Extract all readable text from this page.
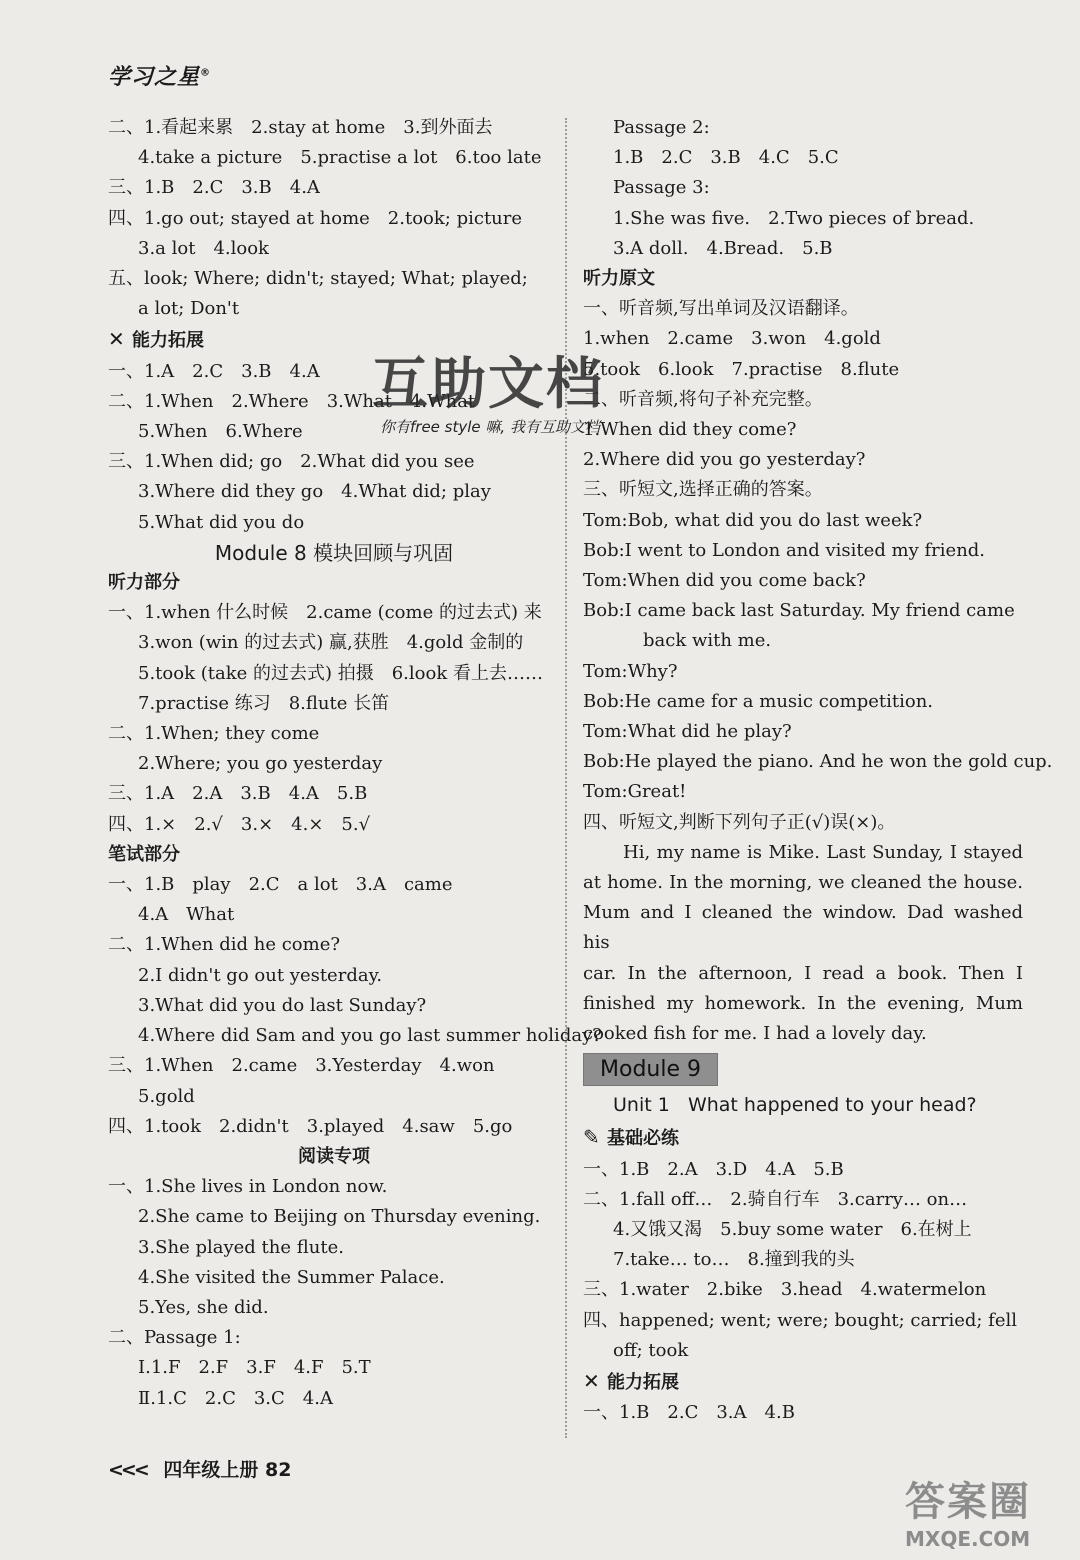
学习之星®
二、1.看起来累　2.stay at home　3.到外面去
4.take a picture　5.practise a lot　6.too late
三、1.B　2.C　3.B　4.A
四、1.go out; stayed at home　2.took; picture
3.a lot　4.look
五、look; Where; didn't; stayed; What; played;
a lot; Don't
✕ 能力拓展
一、1.A　2.C　3.B　4.A
二、1.When　2.Where　3.What　4.What
5.When　6.Where
三、1.When did; go　2.What did you see
3.Where did they go　4.What did; play
5.What did you do
Module 8 模块回顾与巩固
听力部分
一、1.when 什么时候　2.came (come 的过去式) 来
3.won (win 的过去式) 赢,获胜　4.gold 金制的
5.took (take 的过去式) 拍摄　6.look 看上去……
7.practise 练习　8.flute 长笛
二、1.When; they come
2.Where; you go yesterday
三、1.A　2.A　3.B　4.A　5.B
四、1.×　2.√　3.×　4.×　5.√
笔试部分
一、1.B　play　2.C　a lot　3.A　came
4.A　What
二、1.When did he come?
2.I didn't go out yesterday.
3.What did you do last Sunday?
4.Where did Sam and you go last summer holiday?
三、1.When　2.came　3.Yesterday　4.won
5.gold
四、1.took　2.didn't　3.played　4.saw　5.go
阅读专项
一、1.She lives in London now.
2.She came to Beijing on Thursday evening.
3.She played the flute.
4.She visited the Summer Palace.
5.Yes, she did.
二、Passage 1:
Ⅰ.1.F　2.F　3.F　4.F　5.T
Ⅱ.1.C　2.C　3.C　4.A
Passage 2:
1.B　2.C　3.B　4.C　5.C
Passage 3:
1.She was five.　2.Two pieces of bread.
3.A doll.　4.Bread.　5.B
听力原文
一、听音频,写出单词及汉语翻译。
1.when　2.came　3.won　4.gold
5.took　6.look　7.practise　8.flute
二、听音频,将句子补充完整。
1.When did they come?
2.Where did you go yesterday?
三、听短文,选择正确的答案。
Tom:Bob, what did you do last week?
Bob:I went to London and visited my friend.
Tom:When did you come back?
Bob:I came back last Saturday. My friend came
back with me.
Tom:Why?
Bob:He came for a music competition.
Tom:What did he play?
Bob:He played the piano. And he won the gold cup.
Tom:Great!
四、听短文,判断下列句子正(√)误(×)。
Hi, my name is Mike. Last Sunday, I stayed
at home. In the morning, we cleaned the house.
Mum and I cleaned the window. Dad washed his
car. In the afternoon, I read a book. Then I
finished my homework. In the evening, Mum
cooked fish for me. I had a lovely day.
Module 9
Unit 1 What happened to your head?
✎ 基础必练
一、1.B　2.A　3.D　4.A　5.B
二、1.fall off…　2.骑自行车　3.carry… on…
4.又饿又渴　5.buy some water　6.在树上
7.take… to…　8.撞到我的头
三、1.water　2.bike　3.head　4.watermelon
四、happened; went; were; bought; carried; fell
off; took
✕ 能力拓展
一、1.B　2.C　3.A　4.B
<<< 四年级上册 82
互助文档
你有free style 嘛, 我有互助文档
答案圈
MXQE.COM
